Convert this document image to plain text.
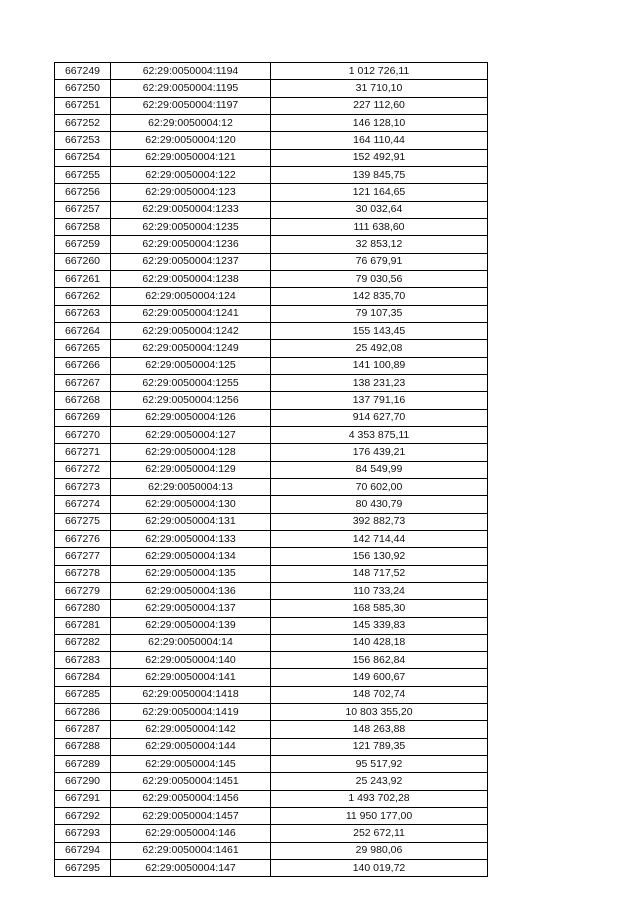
667249	62:29:0050004:1194	1 012 726,11
667250	62:29:0050004:1195	31 710,10
667251	62:29:0050004:1197	227 112,60
667252	62:29:0050004:12	146 128,10
667253	62:29:0050004:120	164 110,44
667254	62:29:0050004:121	152 492,91
667255	62:29:0050004:122	139 845,75
667256	62:29:0050004:123	121 164,65
667257	62:29:0050004:1233	30 032,64
667258	62:29:0050004:1235	111 638,60
667259	62:29:0050004:1236	32 853,12
667260	62:29:0050004:1237	76 679,91
667261	62:29:0050004:1238	79 030,56
667262	62:29:0050004:124	142 835,70
667263	62:29:0050004:1241	79 107,35
667264	62:29:0050004:1242	155 143,45
667265	62:29:0050004:1249	25 492,08
667266	62:29:0050004:125	141 100,89
667267	62:29:0050004:1255	138 231,23
667268	62:29:0050004:1256	137 791,16
667269	62:29:0050004:126	914 627,70
667270	62:29:0050004:127	4 353 875,11
667271	62:29:0050004:128	176 439,21
667272	62:29:0050004:129	84 549,99
667273	62:29:0050004:13	70 602,00
667274	62:29:0050004:130	80 430,79
667275	62:29:0050004:131	392 882,73
667276	62:29:0050004:133	142 714,44
667277	62:29:0050004:134	156 130,92
667278	62:29:0050004:135	148 717,52
667279	62:29:0050004:136	110 733,24
667280	62:29:0050004:137	168 585,30
667281	62:29:0050004:139	145 339,83
667282	62:29:0050004:14	140 428,18
667283	62:29:0050004:140	156 862,84
667284	62:29:0050004:141	149 600,67
667285	62:29:0050004:1418	148 702,74
667286	62:29:0050004:1419	10 803 355,20
667287	62:29:0050004:142	148 263,88
667288	62:29:0050004:144	121 789,35
667289	62:29:0050004:145	95 517,92
667290	62:29:0050004:1451	25 243,92
667291	62:29:0050004:1456	1 493 702,28
667292	62:29:0050004:1457	11 950 177,00
667293	62:29:0050004:146	252 672,11
667294	62:29:0050004:1461	29 980,06
667295	62:29:0050004:147	140 019,72
